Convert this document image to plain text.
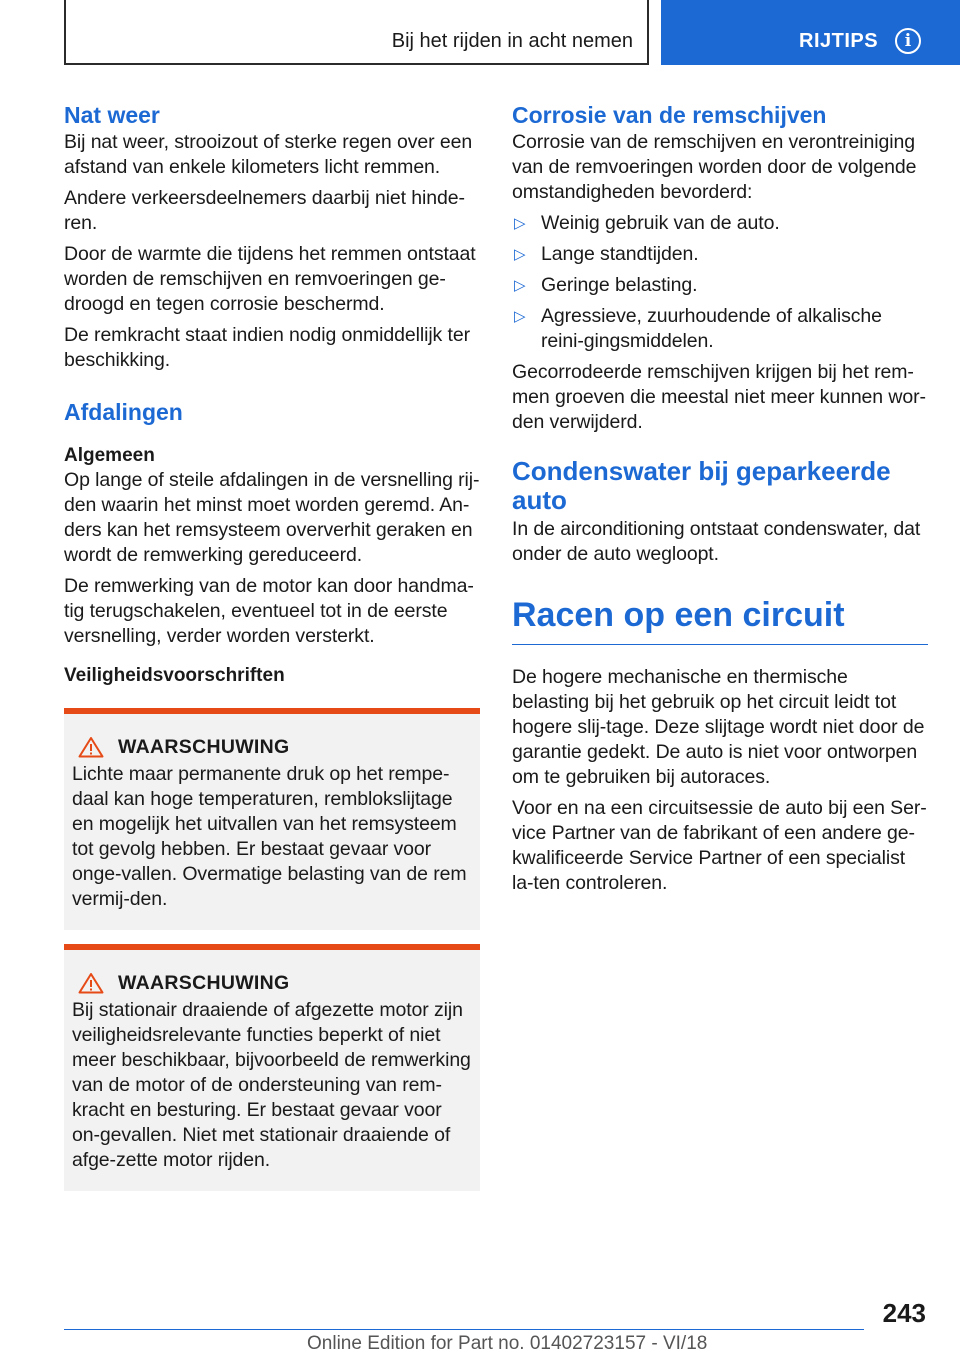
Bij het rijden in acht nemen	RIJTIPS	i
Nat weer

Bij nat weer, strooizout of sterke regen over een afstand van enkele kilometers licht remmen.

Andere verkeersdeelnemers daarbij niet hinde-ren.

Door de warmte die tijdens het remmen ontstaat worden de remschijven en remvoeringen ge-droogd en tegen corrosie beschermd.

De remkracht staat indien nodig onmiddellijk ter beschikking.

Afdalingen
Algemeen

Op lange of steile afdalingen in de versnelling rij-den waarin het minst moet worden geremd. An-ders kan het remsysteem oververhit geraken en wordt de remwerking gereduceerd.

De remwerking van de motor kan door handma-tig terugschakelen, eventueel tot in de eerste versnelling, verder worden versterkt.

Veiligheidsvoorschriften
WAARSCHUWING

Lichte maar permanente druk op het rempe-daal kan hoge temperaturen, remblokslijtage en mogelijk het uitvallen van het remsysteem tot gevolg hebben. Er bestaat gevaar voor onge-vallen. Overmatige belasting van de rem vermij-den.

WAARSCHUWING

Bij stationair draaiende of afgezette motor zijn veiligheidsrelevante functies beperkt of niet meer beschikbaar, bijvoorbeeld de remwerking van de motor of de ondersteuning van rem-kracht en besturing. Er bestaat gevaar voor on-gevallen. Niet met stationair draaiende of afge-zette motor rijden.

Corrosie van de remschijven

Corrosie van de remschijven en verontreiniging van de remvoeringen worden door de volgende omstandigheden bevorderd:

▷ Weinig gebruik van de auto.
▷ Lange standtijden.
▷ Geringe belasting.
▷ Agressieve, zuurhoudende of alkalische reini-gingsmiddelen.

Gecorrodeerde remschijven krijgen bij het rem-men groeven die meestal niet meer kunnen wor-den verwijderd.

Condenswater bij geparkeerde auto

In de airconditioning ontstaat condenswater, dat onder de auto wegloopt.

Racen op een circuit

De hogere mechanische en thermische belasting bij het gebruik op het circuit leidt tot hogere slij-tage. Deze slijtage wordt niet door de garantie gedekt. De auto is niet voor ontworpen om te gebruiken bij autoraces.

Voor en na een circuitsessie de auto bij een Ser-vice Partner van de fabrikant of een andere ge-kwalificeerde Service Partner of een specialist la-ten controleren.

243
Online Edition for Part no. 01402723157 - VI/18
